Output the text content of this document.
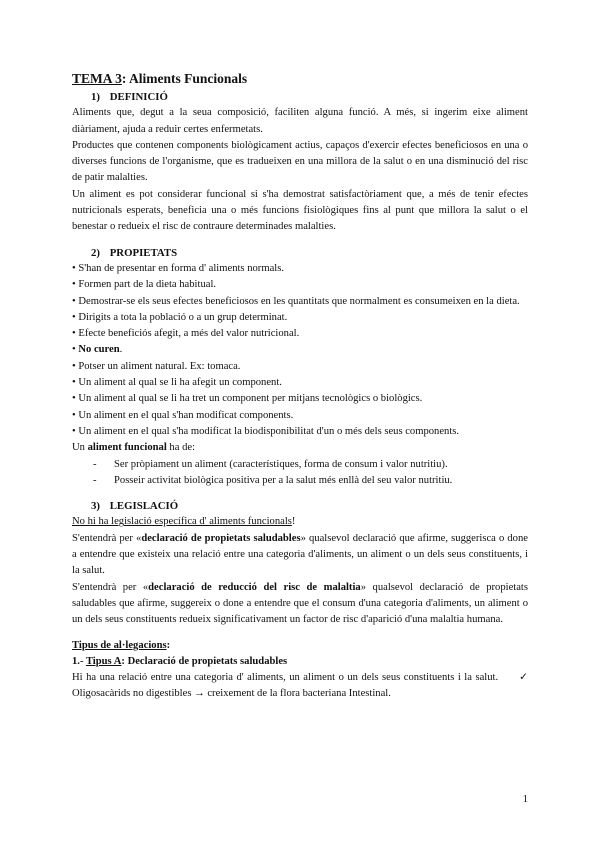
TEMA 3: Aliments Funcionals

1) DEFINICIÓ

Aliments que, degut a la seua composició, faciliten alguna funció. A més, si ingerim eixe aliment diàriament, ajuda a reduir certes enfermetats.

Productes que contenen components biològicament actius, capaços d'exercir efectes beneficiosos en una o diverses funcions de l'organisme, que es tradueixen en una millora de la salut o en una disminució del risc de patir malalties.

Un aliment es pot considerar funcional si s'ha demostrat satisfactòriament que, a més de tenir efectes nutricionals esperats, beneficia una o més funcions fisiològiques fins al punt que millora la salut o el benestar o redueix el risc de contraure determinades malalties.

2) PROPIETATS

• S'han de presentar en forma d' aliments normals.

• Formen part de la dieta habitual.

• Demostrar-se els seus efectes beneficiosos en les quantitats que normalment es consumeixen en la dieta.

• Dirigits a tota la població o a un grup determinat.

• Efecte beneficiós afegit, a més del valor nutricional.

• No curen.

• Potser un aliment natural. Ex: tomaca.

• Un aliment al qual se li ha afegit un component.

• Un aliment al qual se li ha tret un component per mitjans tecnològics o biològics.

• Un aliment en el qual s'han modificat components.

• Un aliment en el qual s'ha modificat la biodisponibilitat d'un o més dels seus components.

Un aliment funcional ha de:

-	Ser pròpiament un aliment (característiques, forma de consum i valor nutritiu).

-	Posseir activitat biològica positiva per a la salut més enllà del seu valor nutritiu.

3) LEGISLACIÓ

No hi ha legislació específica d' aliments funcionals!

S'entendrà per «declaració de propietats saludables» qualsevol declaració que afirme, suggerisca o done a entendre que existeix una relació entre una categoria d'aliments, un aliment o un dels seus constituents, i la salut.

S'entendrà per «declaració de reducció del risc de malaltia» qualsevol declaració de propietats saludables que afirme, suggereix o done a entendre que el consum d'una categoria d'aliments, un aliment o un dels seus constituents redueix significativament un factor de risc d'aparició d'una malaltia humana.

Tipus de al·legacions:

1.- Tipus A: Declaració de propietats saludables

Hi ha una relació entre una categoria d' aliments, un aliment o un dels seus constituents i la salut. ✓ Oligosacàrids no digestibles → creixement de la flora bacteriana Intestinal.

1
